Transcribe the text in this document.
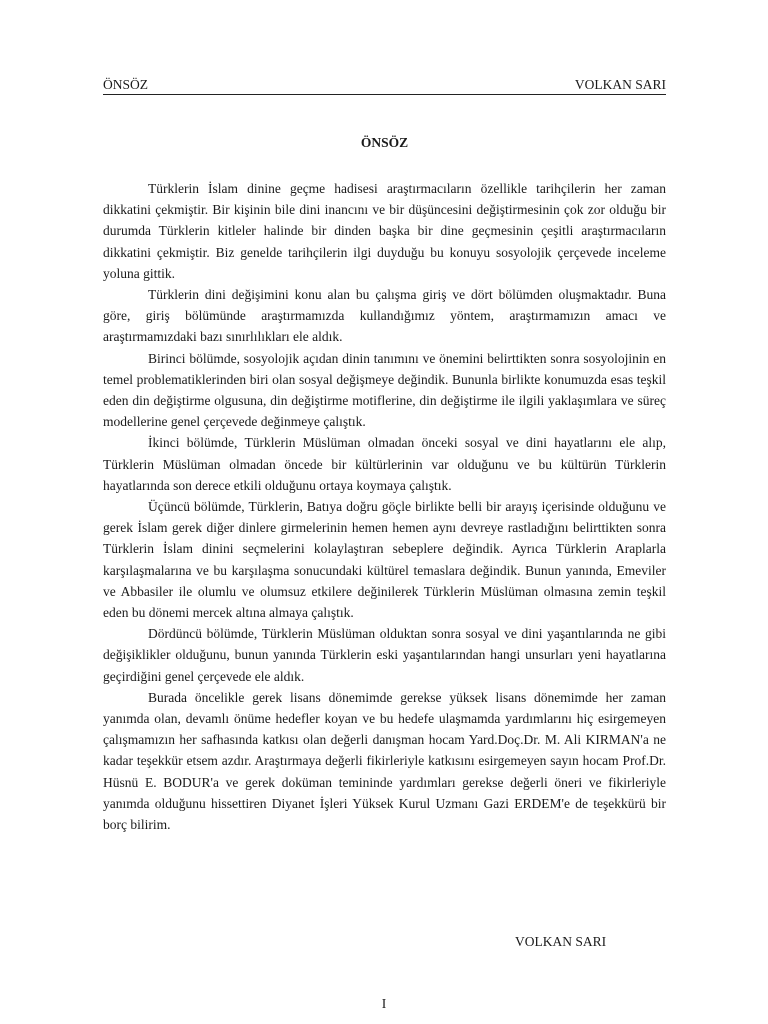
ÖNSÖZ	VOLKAN SARI
ÖNSÖZ

Türklerin İslam dinine geçme hadisesi araştırmacıların özellikle tarihçilerin her zaman dikkatini çekmiştir. Bir kişinin bile dini inancını ve bir düşüncesini değiştirmesinin çok zor olduğu bir durumda Türklerin kitleler halinde bir dinden başka bir dine geçmesinin çeşitli araştırmacıların dikkatini çekmiştir. Biz genelde tarihçilerin ilgi duyduğu bu konuyu sosyolojik çerçevede inceleme yoluna gittik.

Türklerin dini değişimini konu alan bu çalışma giriş ve dört bölümden oluşmaktadır. Buna göre, giriş bölümünde araştırmamızda kullandığımız yöntem, araştırmamızın amacı ve araştırmamızdaki bazı sınırlılıkları ele aldık.

Birinci bölümde, sosyolojik açıdan dinin tanımını ve önemini belirttikten sonra sosyolojinin en temel problematiklerinden biri olan sosyal değişmeye değindik. Bununla birlikte konumuzda esas teşkil eden din değiştirme olgusuna, din değiştirme motiflerine, din değiştirme ile ilgili yaklaşımlara ve süreç modellerine genel çerçevede değinmeye çalıştık.

İkinci bölümde, Türklerin Müslüman olmadan önceki sosyal ve dini hayatlarını ele alıp, Türklerin Müslüman olmadan öncede bir kültürlerinin var olduğunu ve bu kültürün Türklerin hayatlarında son derece etkili olduğunu ortaya koymaya çalıştık.

Üçüncü bölümde, Türklerin, Batıya doğru göçle birlikte belli bir arayış içerisinde olduğunu ve gerek İslam gerek diğer dinlere girmelerinin hemen hemen aynı devreye rastladığını belirttikten sonra Türklerin İslam dinini seçmelerini kolaylaştıran sebeplere değindik. Ayrıca Türklerin Araplarla karşılaşmalarına ve bu karşılaşma sonucundaki kültürel temaslara değindik. Bunun yanında, Emeviler ve Abbasiler ile olumlu ve olumsuz etkilere değinilerek Türklerin Müslüman olmasına zemin teşkil eden bu dönemi mercek altına almaya çalıştık.

Dördüncü bölümde, Türklerin Müslüman olduktan sonra sosyal ve dini yaşantılarında ne gibi değişiklikler olduğunu, bunun yanında Türklerin eski yaşantılarından hangi unsurları yeni hayatlarına geçirdiğini genel çerçevede ele aldık.

Burada öncelikle gerek lisans dönemimde gerekse yüksek lisans dönemimde her zaman yanımda olan, devamlı önüme hedefler koyan ve bu hedefe ulaşmamda yardımlarını hiç esirgemeyen çalışmamızın her safhasında katkısı olan değerli danışman hocam Yard.Doç.Dr. M. Ali KIRMAN'a ne kadar teşekkür etsem azdır. Araştırmaya değerli fikirleriyle katkısını esirgemeyen sayın hocam Prof.Dr. Hüsnü E. BODUR'a ve gerek doküman temininde yardımları gerekse değerli öneri ve fikirleriyle yanımda olduğunu hissettiren Diyanet İşleri Yüksek Kurul Uzmanı Gazi ERDEM'e de teşekkürü bir borç bilirim.

VOLKAN SARI
I
